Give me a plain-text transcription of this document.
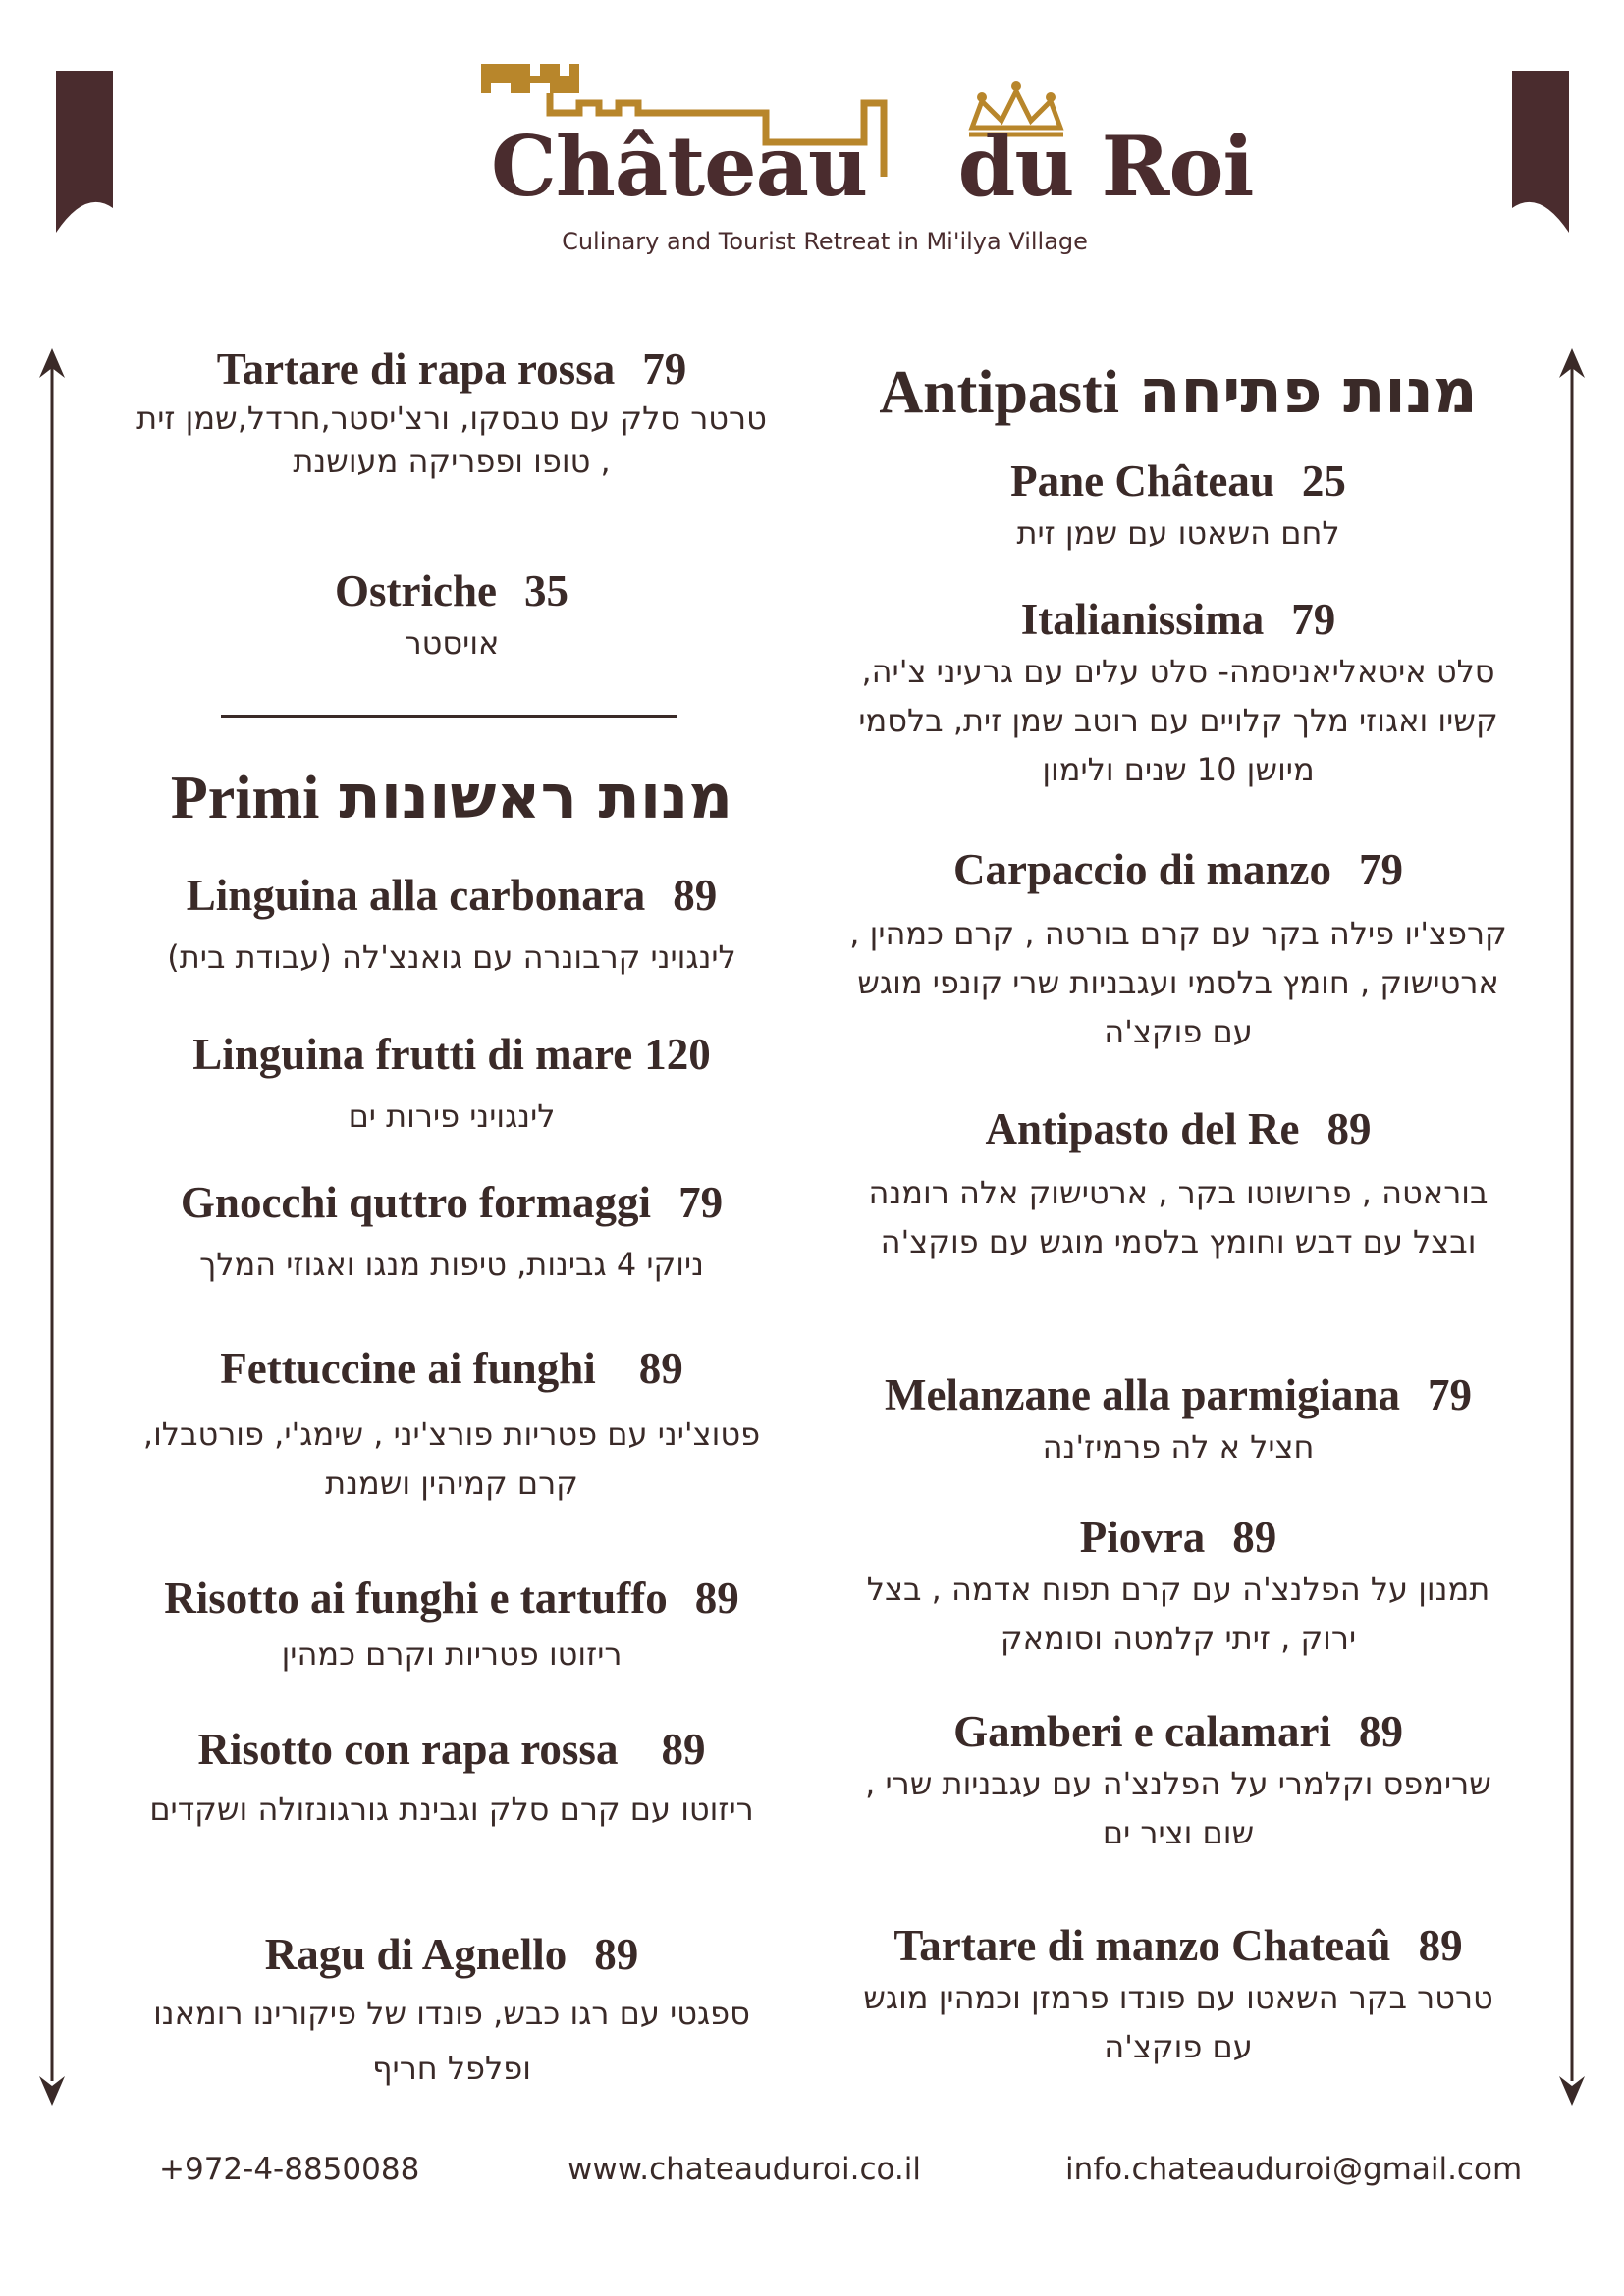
Château du Roi
Culinary and Tourist Retreat in Mi'ilya Village
Antipasti מנות פתיחה
Pane Château 25
לחם השאטו עם שמן זית
Italianissima 79
סלט איטאליאניסמה- סלט עלים עם גרעיני צ'יה, קשיו ואגוזי מלך קלויים עם רוטב שמן זית, בלסמי מיושן 10 שנים ולימון
Carpaccio di manzo 79
קרפצ'יו פילה בקר עם קרם בורטה , קרם כמהין , ארטישוק , חומץ בלסמי ועגבניות שרי קונפי מוגש עם פוקצ'ה
Antipasto del Re 89
בוראטה , פרושוטו בקר , ארטישוק אלה רומנה ובצל עם דבש וחומץ בלסמי מוגש עם פוקצ'ה
Melanzane alla parmigiana 79
חציל א לה פרמיז'נה
Piovra 89
תמנון על הפלנצ'ה עם קרם תפוח אדמה , בצל ירוק , זיתי קלמטה וסומאק
Gamberi e calamari 89
שרימפס וקלמרי על הפלנצ'ה עם עגבניות שרי , שום וציר ים
Tartare di manzo Chateaû 89
טרטר בקר השאטו עם פונדו פרמזן וכמהין מוגש עם פוקצ'ה
Tartare di rapa rossa 79
טרטר סלק עם טבסקו, ורצ'יסטר,חרדל,שמן זית , טופו ופפריקה מעושנת
Ostriche 35
אויסטר
Primi מנות ראשונות
Linguina alla carbonara 89
לינגויני קרבונרה עם גואנצ'לה (עבודת בית)
Linguina frutti di mare 120
לינגויני פירות ים
Gnocchi quttro formaggi 79
ניוקי 4 גבינות, טיפות מנגו ואגוזי המלך
Fettuccine ai funghi 89
פטוצ'יני עם פטריות פורצ'יני , שימג'י, פורטבלו, קרם קמיהין ושמנת
Risotto ai funghi e tartuffo 89
ריזוטו פטריות וקרם כמהין
Risotto con rapa rossa 89
ריזוטו עם קרם סלק וגבינת גורגונזולה ושקדים
Ragu di Agnello 89
ספגטי עם רגו כבש, פונדו של פיקורינו רומאנו ופלפל חריף
+972-4-8850088	www.chateauduroi.co.il	info.chateauduroi@gmail.com
